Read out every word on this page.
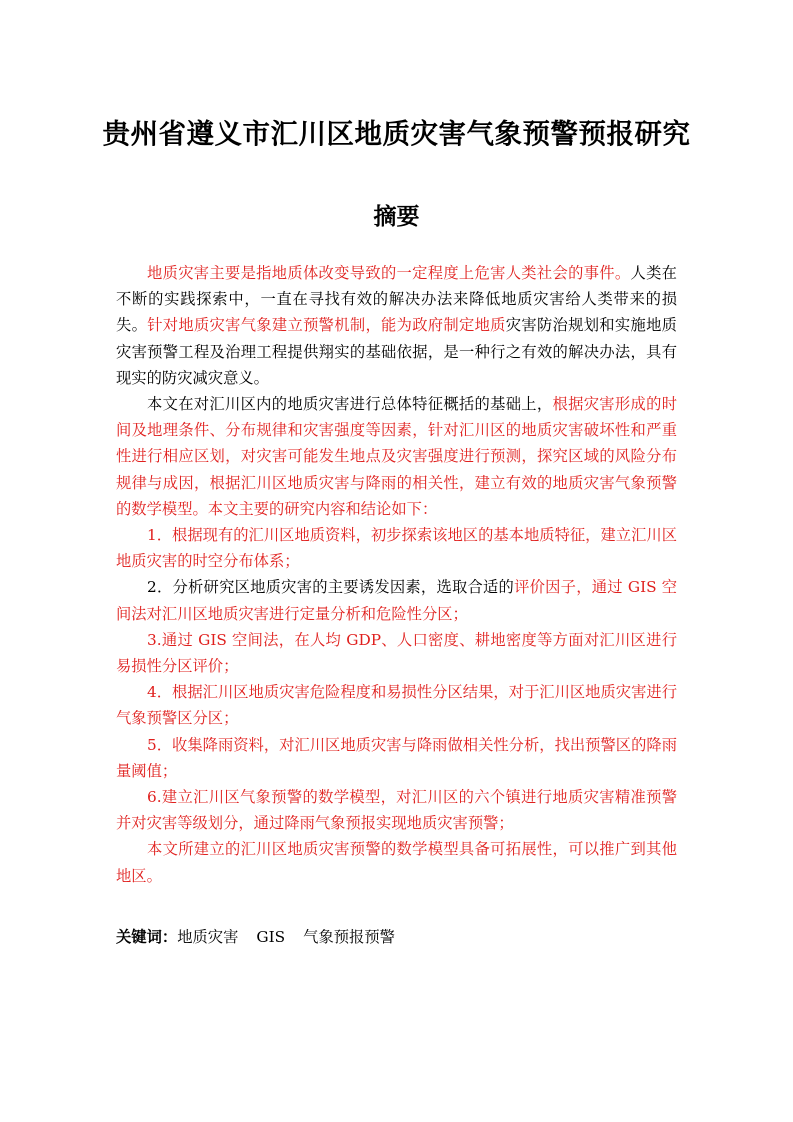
贵州省遵义市汇川区地质灾害气象预警预报研究
摘要

地质灾害主要是指地质体改变导致的一定程度上危害人类社会的事件。人类在不断的实践探索中，一直在寻找有效的解决办法来降低地质灾害给人类带来的损失。针对地质灾害气象建立预警机制，能为政府制定地质灾害防治规划和实施地质灾害预警工程及治理工程提供翔实的基础依据，是一种行之有效的解决办法，具有现实的防灾减灾意义。

本文在对汇川区内的地质灾害进行总体特征概括的基础上，根据灾害形成的时间及地理条件、分布规律和灾害强度等因素，针对汇川区的地质灾害破坏性和严重性进行相应区划，对灾害可能发生地点及灾害强度进行预测，探究区域的风险分布规律与成因，根据汇川区地质灾害与降雨的相关性，建立有效的地质灾害气象预警的数学模型。本文主要的研究内容和结论如下：

1．根据现有的汇川区地质资料，初步探索该地区的基本地质特征，建立汇川区地质灾害的时空分布体系；

2．分析研究区地质灾害的主要诱发因素，选取合适的评价因子，通过 GIS 空间法对汇川区地质灾害进行定量分析和危险性分区；

3.通过 GIS 空间法，在人均 GDP、人口密度、耕地密度等方面对汇川区进行易损性分区评价；

4．根据汇川区地质灾害危险程度和易损性分区结果，对于汇川区地质灾害进行气象预警区分区；

5．收集降雨资料，对汇川区地质灾害与降雨做相关性分析，找出预警区的降雨量阈值；

6.建立汇川区气象预警的数学模型，对汇川区的六个镇进行地质灾害精准预警并对灾害等级划分，通过降雨气象预报实现地质灾害预警；

本文所建立的汇川区地质灾害预警的数学模型具备可拓展性，可以推广到其他地区。

关键词：地质灾害 GIS 气象预报预警
